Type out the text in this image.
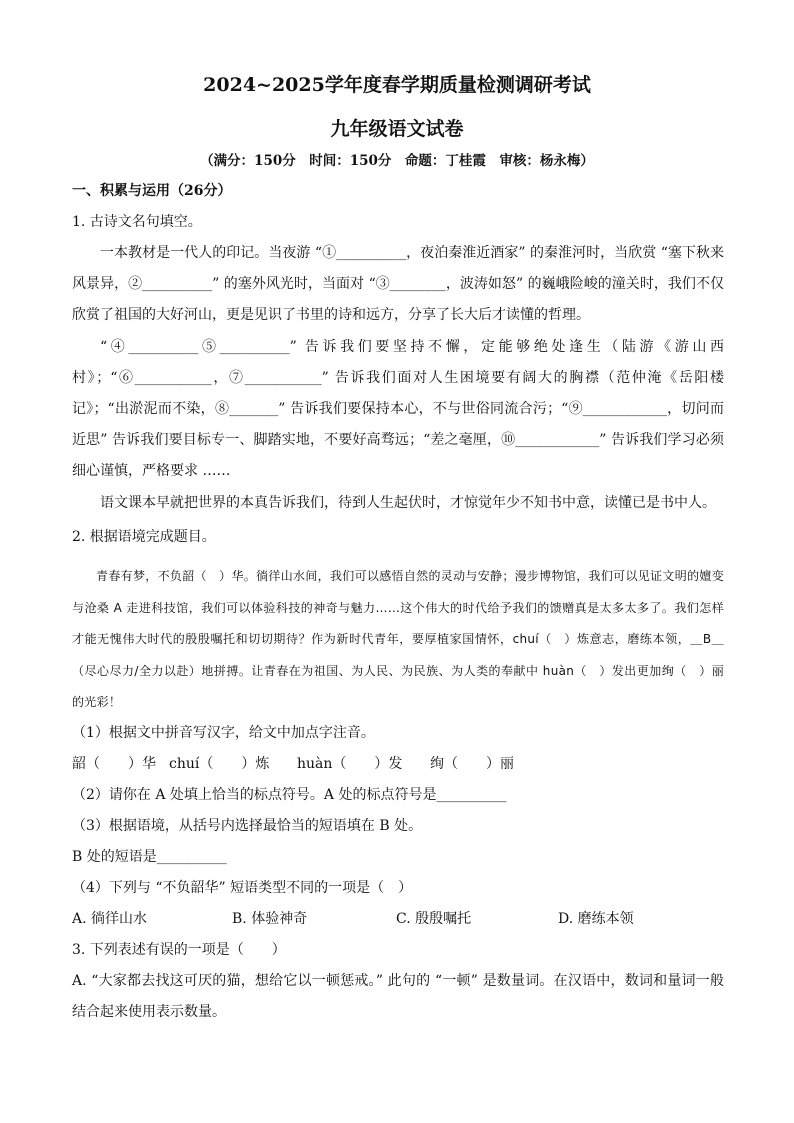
2024~2025学年度春学期质量检测调研考试
九年级语文试卷
（满分：150分　时间：150分　命题：丁桂霞　审核：杨永梅）
一、积累与运用（26分）
1. 古诗文名句填空。
一本教材是一代人的印记。当夜游 “①__________，夜泊秦淮近酒家” 的秦淮河时，当欣赏 “塞下秋来风景异，②__________” 的塞外风光时，当面对 “③________，波涛如怒” 的巍峨险峻的潼关时，我们不仅欣赏了祖国的大好河山，更是见识了书里的诗和远方，分享了长大后才读懂的哲理。
“④__________⑤__________” 告诉我们要坚持不懈，定能够绝处逢生（陆游《游山西村》；“⑥___________，⑦___________” 告诉我们面对人生困境要有阔大的胸襟（范仲淹《岳阳楼记》；“出淤泥而不染，⑧_______” 告诉我们要保持本心，不与世俗同流合污；“⑨____________，切问而近思” 告诉我们要目标专一、脚踏实地，不要好高骛远；“差之毫厘，⑩____________” 告诉我们学习必须细心谨慎，严格要求 ……
语文课本早就把世界的本真告诉我们，待到人生起伏时，才惊觉年少不知书中意，读懂已是书中人。
2. 根据语境完成题目。
青春有梦，不负韶（　）华。徜徉山水间，我们可以感悟自然的灵动与安静；漫步博物馆，我们可以见证文明的嬗变与沧桑 A 走进科技馆，我们可以体验科技的神奇与魅力……这个伟大的时代给予我们的馈赠真是太多太多了。我们怎样才能无愧伟大时代的殷殷嘱托和切切期待？作为新时代青年，要厚植家国情怀，chuí（　）炼意志，磨练本领，＿B＿（尽心尽力/全力以赴）地拼搏。让青春在为祖国、为人民、为民族、为人类的奉献中 huàn（　）发出更加绚（　）丽的光彩！
（1）根据文中拼音写汉字，给文中加点字注音。
韶（　　）华 chuí（　　）炼	huàn（　　）发	绚（　　）丽
（2）请你在 A 处填上恰当的标点符号。A 处的标点符号是__________
（3）根据语境，从括号内选择最恰当的短语填在 B 处。
B 处的短语是__________
（4）下列与 “不负韶华” 短语类型不同的一项是（　）
A. 徜徉山水	B. 体验神奇	C. 殷殷嘱托	D. 磨练本领
3. 下列表述有误的一项是（　　）
A. “大家都去找这可厌的猫，想给它以一顿惩戒。” 此句的 “一顿” 是数量词。在汉语中，数词和量词一般结合起来使用表示数量。
